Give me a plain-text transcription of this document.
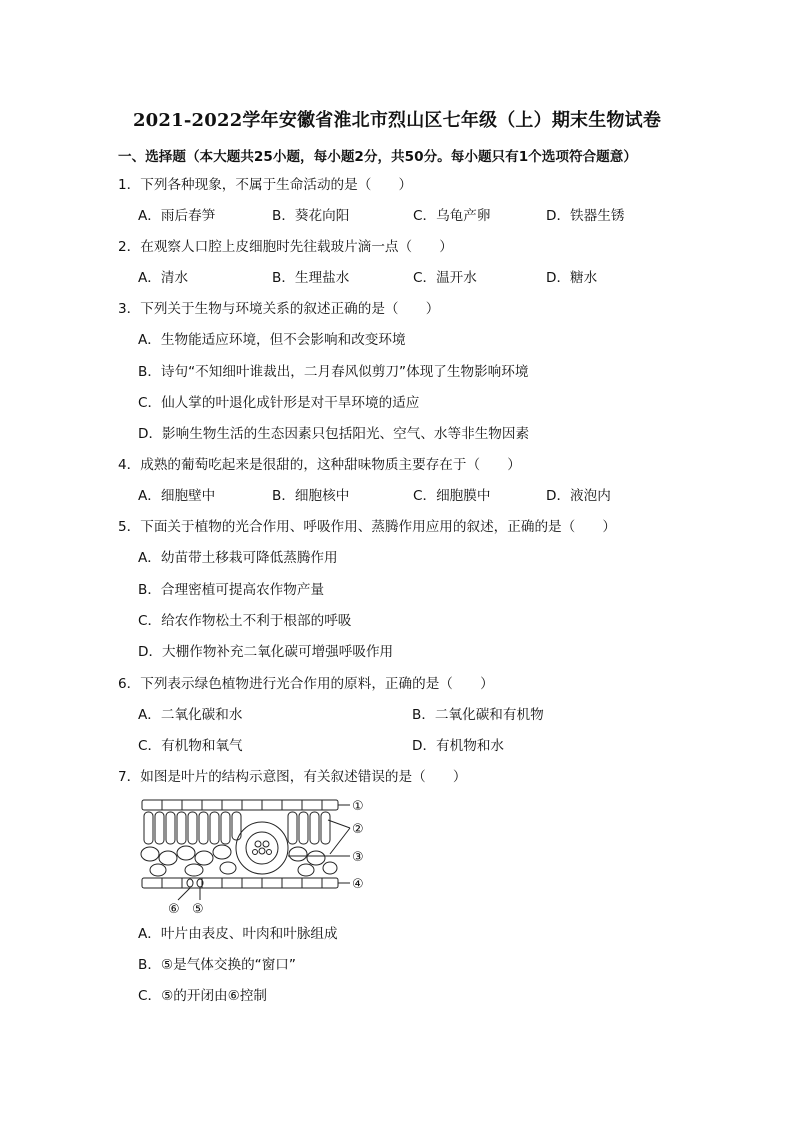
2021-2022学年安徽省淮北市烈山区七年级（上）期末生物试卷
一、选择题（本大题共25小题，每小题2分，共50分。每小题只有1个选项符合题意）
1．下列各种现象，不属于生命活动的是（　　）
A．雨后春笋	B．葵花向阳	C．乌龟产卵	D．铁器生锈
2．在观察人口腔上皮细胞时先往载玻片滴一点（　　）
A．清水	B．生理盐水	C．温开水	D．糖水
3．下列关于生物与环境关系的叙述正确的是（　　）
A．生物能适应环境，但不会影响和改变环境
B．诗句“不知细叶谁裁出，二月春风似剪刀”体现了生物影响环境
C．仙人掌的叶退化成针形是对干旱环境的适应
D．影响生物生活的生态因素只包括阳光、空气、水等非生物因素
4．成熟的葡萄吃起来是很甜的，这种甜味物质主要存在于（　　）
A．细胞壁中	B．细胞核中	C．细胞膜中	D．液泡内
5．下面关于植物的光合作用、呼吸作用、蒸腾作用应用的叙述，正确的是（　　）
A．幼苗带土移栽可降低蒸腾作用
B．合理密植可提高农作物产量
C．给农作物松土不利于根部的呼吸
D．大棚作物补充二氧化碳可增强呼吸作用
6．下列表示绿色植物进行光合作用的原料，正确的是（　　）
A．二氧化碳和水	B．二氧化碳和有机物
C．有机物和氧气	D．有机物和水
7．如图是叶片的结构示意图，有关叙述错误的是（　　）
①
②
③
④
⑥ ⑤
A．叶片由表皮、叶肉和叶脉组成
B．⑤是气体交换的“窗口”
C．⑤的开闭由⑥控制
